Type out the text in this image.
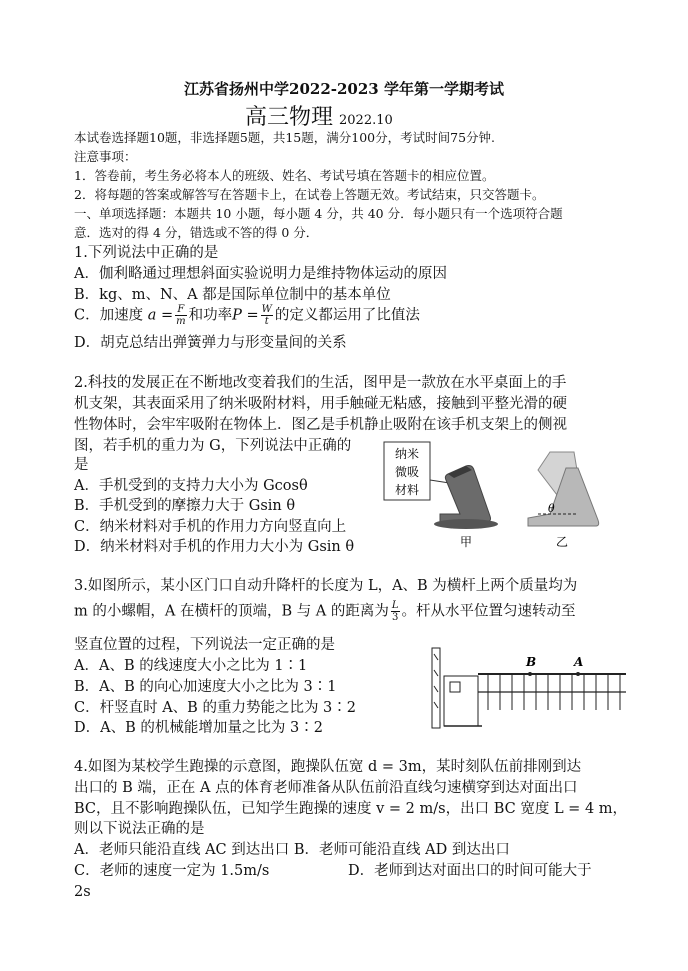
江苏省扬州中学2022-2023 学年第一学期考试
高三物理 2022.10
本试卷选择题10题，非选择题5题，共15题，满分100分，考试时间75分钟.
注意事项：
1．答卷前，考生务必将本人的班级、姓名、考试号填在答题卡的相应位置。
2．将每题的答案或解答写在答题卡上，在试卷上答题无效。考试结束，只交答题卡。
一、单项选择题：本题共 10 小题，每小题 4 分，共 40 分．每小题只有一个选项符合题
意．选对的得 4 分，错选或不答的得 0 分．
1.下列说法中正确的是
A．伽利略通过理想斜面实验说明力是维持物体运动的原因
B．kg、m、N、A 都是国际单位制中的基本单位
C．加速度 $a = \frac{F}{m}$ 和功率$P = \frac{W}{t}$ 的定义都运用了比值法
D．胡克总结出弹簧弹力与形变量间的关系
2.科技的发展正在不断地改变着我们的生活，图甲是一款放在水平桌面上的手
机支架，其表面采用了纳米吸附材料，用手触碰无粘感，接触到平整光滑的硬
性物体时，会牢牢吸附在物体上．图乙是手机静止吸附在该手机支架上的侧视
图，若手机的重力为 G，下列说法中正确的
是
A．手机受到的支持力大小为 Gcosθ
B．手机受到的摩擦力大于 Gsin θ
C．纳米材料对手机的作用力方向竖直向上
D．纳米材料对手机的作用力大小为 Gsin θ
纳米
微吸
材料
甲
θ
乙
3.如图所示，某小区门口自动升降杆的长度为 L，A、B 为横杆上两个质量均为
m 的小螺帽，A 在横杆的顶端，B 与 A 的距离为 $\frac{L}{3}$ 。杆从水平位置匀速转动至
竖直位置的过程，下列说法一定正确的是
A．A、B 的线速度大小之比为 1∶1
B．A、B 的向心加速度大小之比为 3∶1
C．杆竖直时 A、B 的重力势能之比为 3∶2
D．A、B 的机械能增加量之比为 3∶2
B	A
4.如图为某校学生跑操的示意图，跑操队伍宽 d = 3m，某时刻队伍前排刚到达
出口的 B 端，正在 A 点的体育老师准备从队伍前沿直线匀速横穿到达对面出口
BC，且不影响跑操队伍，已知学生跑操的速度 v = 2 m/s，出口 BC 宽度 L = 4 m，
则以下说法正确的是
A．老师只能沿直线 AC 到达出口 B．老师可能沿直线 AD 到达出口
C．老师的速度一定为 1.5m/s	D．老师到达对面出口的时间可能大于
2s
